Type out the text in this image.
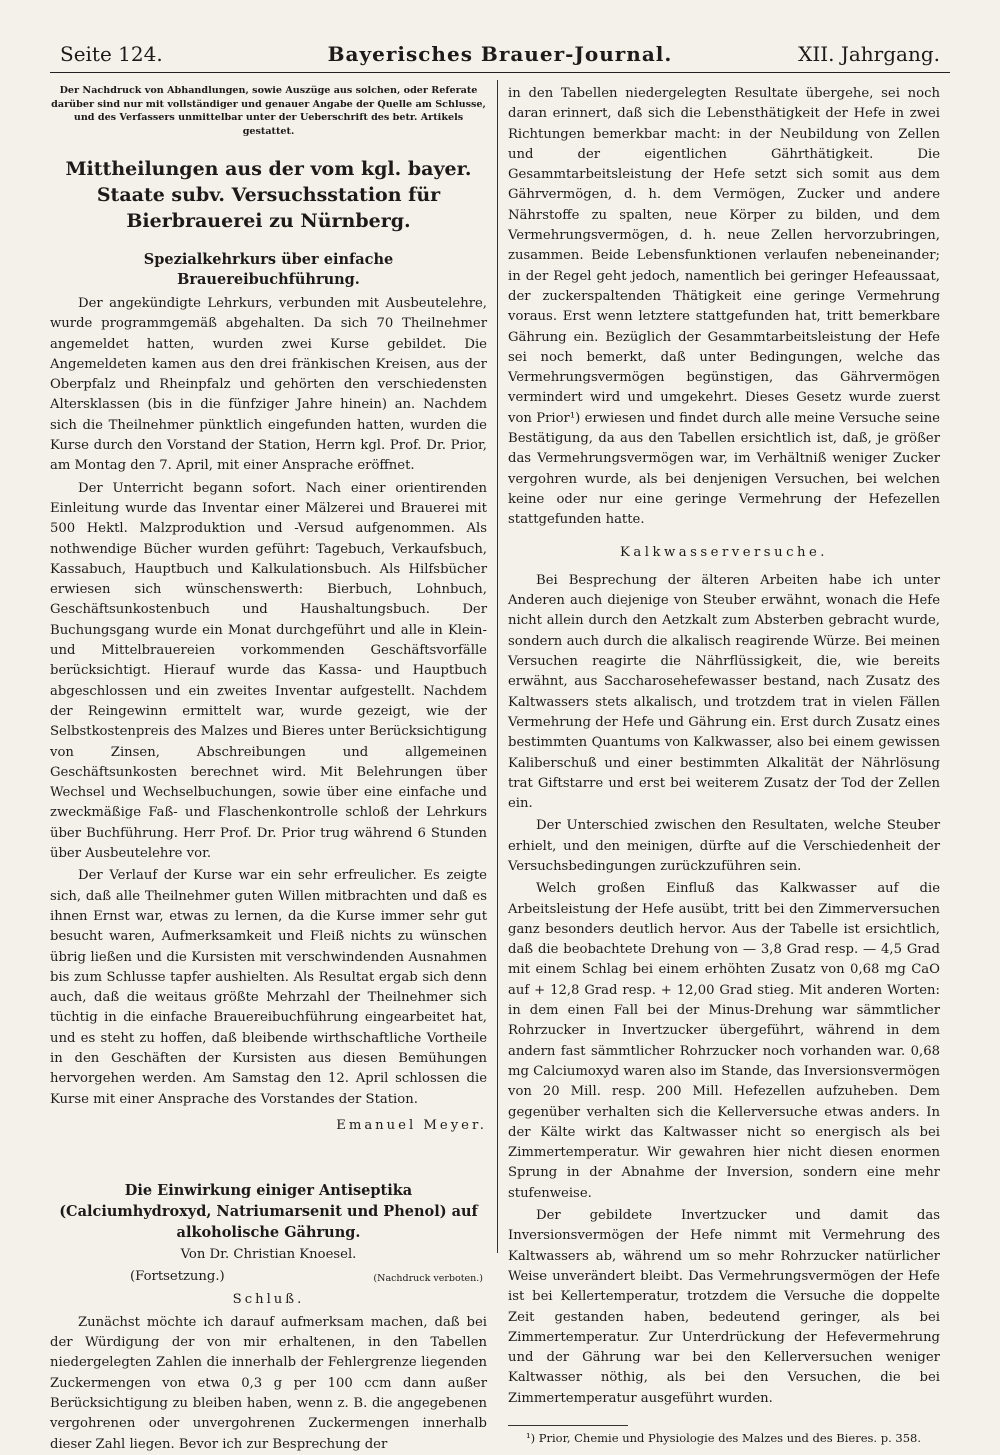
Seite 124.	Bayerisches Brauer-Journal.	XII. Jahrgang.
Der Nachdruck von Abhandlungen, sowie Auszüge aus solchen, oder Referate darüber sind nur mit vollständiger und genauer Angabe der Quelle am Schlusse, und des Verfassers unmittelbar unter der Ueberschrift des betr. Artikels gestattet.
Mittheilungen aus der vom kgl. bayer. Staate subv. Versuchsstation für Bierbrauerei zu Nürnberg.
Spezialkehrkurs über einfache Brauereibuchführung.

Der angekündigte Lehrkurs, verbunden mit Ausbeutelehre, wurde programmgemäß abgehalten. Da sich 70 Theilnehmer angemeldet hatten, wurden zwei Kurse gebildet. Die Angemeldeten kamen aus den drei fränkischen Kreisen, aus der Oberpfalz und Rheinpfalz und gehörten den verschiedensten Altersklassen (bis in die fünfziger Jahre hinein) an. Nachdem sich die Theilnehmer pünktlich eingefunden hatten, wurden die Kurse durch den Vorstand der Station, Herrn kgl. Prof. Dr. Prior, am Montag den 7. April, mit einer Ansprache eröffnet.

Der Unterricht begann sofort. Nach einer orientirenden Einleitung wurde das Inventar einer Mälzerei und Brauerei mit 500 Hektl. Malzproduktion und -Versud aufgenommen. Als nothwendige Bücher wurden geführt: Tagebuch, Verkaufsbuch, Kassabuch, Hauptbuch und Kalkulationsbuch. Als Hilfsbücher erwiesen sich wünschenswerth: Bierbuch, Lohnbuch, Geschäftsunkostenbuch und Haushaltungsbuch. Der Buchungsgang wurde ein Monat durchgeführt und alle in Klein- und Mittelbrauereien vorkommenden Geschäftsvorfälle berücksichtigt. Hierauf wurde das Kassa- und Hauptbuch abgeschlossen und ein zweites Inventar aufgestellt. Nachdem der Reingewinn ermittelt war, wurde gezeigt, wie der Selbstkostenpreis des Malzes und Bieres unter Berücksichtigung von Zinsen, Abschreibungen und allgemeinen Geschäftsunkosten berechnet wird. Mit Belehrungen über Wechsel und Wechselbuchungen, sowie über eine einfache und zweckmäßige Faß- und Flaschenkontrolle schloß der Lehrkurs über Buchführung. Herr Prof. Dr. Prior trug während 6 Stunden über Ausbeutelehre vor.

Der Verlauf der Kurse war ein sehr erfreulicher. Es zeigte sich, daß alle Theilnehmer guten Willen mitbrachten und daß es ihnen Ernst war, etwas zu lernen, da die Kurse immer sehr gut besucht waren, Aufmerksamkeit und Fleiß nichts zu wünschen übrig ließen und die Kursisten mit verschwindenden Ausnahmen bis zum Schlusse tapfer aushielten. Als Resultat ergab sich denn auch, daß die weitaus größte Mehrzahl der Theilnehmer sich tüchtig in die einfache Brauereibuchführung eingearbeitet hat, und es steht zu hoffen, daß bleibende wirthschaftliche Vortheile in den Geschäften der Kursisten aus diesen Bemühungen hervorgehen werden. Am Samstag den 12. April schlossen die Kurse mit einer Ansprache des Vorstandes der Station.

Emanuel Meyer.
Die Einwirkung einiger Antiseptika (Calciumhydroxyd, Natriumarsenit und Phenol) auf alkoholische Gährung.
Von Dr. Christian Knoesel.
(Fortsetzung.)	(Nachdruck verboten.)
Schluß.

Zunächst möchte ich darauf aufmerksam machen, daß bei der Würdigung der von mir erhaltenen, in den Tabellen niedergelegten Zahlen die innerhalb der Fehlergrenze liegenden Zuckermengen von etwa 0,3 g per 100 ccm dann außer Berücksichtigung zu bleiben haben, wenn z. B. die angegebenen vergohrenen oder unvergohrenen Zuckermengen innerhalb dieser Zahl liegen. Bevor ich zur Besprechung der

in den Tabellen niedergelegten Resultate übergehe, sei noch daran erinnert, daß sich die Lebensthätigkeit der Hefe in zwei Richtungen bemerkbar macht: in der Neubildung von Zellen und der eigentlichen Gährthätigkeit. Die Gesammtarbeitsleistung der Hefe setzt sich somit aus dem Gährvermögen, d. h. dem Vermögen, Zucker und andere Nährstoffe zu spalten, neue Körper zu bilden, und dem Vermehrungsvermögen, d. h. neue Zellen hervorzubringen, zusammen. Beide Lebensfunktionen verlaufen nebeneinander; in der Regel geht jedoch, namentlich bei geringer Hefeaussaat, der zuckerspaltenden Thätigkeit eine geringe Vermehrung voraus. Erst wenn letztere stattgefunden hat, tritt bemerkbare Gährung ein. Bezüglich der Gesammtarbeitsleistung der Hefe sei noch bemerkt, daß unter Bedingungen, welche das Vermehrungsvermögen begünstigen, das Gährvermögen vermindert wird und umgekehrt. Dieses Gesetz wurde zuerst von Prior¹) erwiesen und findet durch alle meine Versuche seine Bestätigung, da aus den Tabellen ersichtlich ist, daß, je größer das Vermehrungsvermögen war, im Verhältniß weniger Zucker vergohren wurde, als bei denjenigen Versuchen, bei welchen keine oder nur eine geringe Vermehrung der Hefezellen stattgefunden hatte.

Kalkwasserversuche.

Bei Besprechung der älteren Arbeiten habe ich unter Anderen auch diejenige von Steuber erwähnt, wonach die Hefe nicht allein durch den Aetzkalt zum Absterben gebracht wurde, sondern auch durch die alkalisch reagirende Würze. Bei meinen Versuchen reagirte die Nährflüssigkeit, die, wie bereits erwähnt, aus Saccharosehefewasser bestand, nach Zusatz des Kaltwassers stets alkalisch, und trotzdem trat in vielen Fällen Vermehrung der Hefe und Gährung ein. Erst durch Zusatz eines bestimmten Quantums von Kalkwasser, also bei einem gewissen Kaliberschuß und einer bestimmten Alkalität der Nährlösung trat Giftstarre und erst bei weiterem Zusatz der Tod der Zellen ein.

Der Unterschied zwischen den Resultaten, welche Steuber erhielt, und den meinigen, dürfte auf die Verschiedenheit der Versuchsbedingungen zurückzuführen sein.

Welch großen Einfluß das Kalkwasser auf die Arbeitsleistung der Hefe ausübt, tritt bei den Zimmerversuchen ganz besonders deutlich hervor. Aus der Tabelle ist ersichtlich, daß die beobachtete Drehung von — 3,8 Grad resp. — 4,5 Grad mit einem Schlag bei einem erhöhten Zusatz von 0,68 mg CaO auf + 12,8 Grad resp. + 12,00 Grad stieg. Mit anderen Worten: in dem einen Fall bei der Minus-Drehung war sämmtlicher Rohrzucker in Invertzucker übergeführt, während in dem andern fast sämmtlicher Rohrzucker noch vorhanden war. 0,68 mg Calciumoxyd waren also im Stande, das Inversionsvermögen von 20 Mill. resp. 200 Mill. Hefezellen aufzuheben. Dem gegenüber verhalten sich die Kellerversuche etwas anders. In der Kälte wirkt das Kaltwasser nicht so energisch als bei Zimmertemperatur. Wir gewahren hier nicht diesen enormen Sprung in der Abnahme der Inversion, sondern eine mehr stufenweise.

Der gebildete Invertzucker und damit das Inversionsvermögen der Hefe nimmt mit Vermehrung des Kaltwassers ab, während um so mehr Rohrzucker natürlicher Weise unverändert bleibt. Das Vermehrungsvermögen der Hefe ist bei Kellertemperatur, trotzdem die Versuche die doppelte Zeit gestanden haben, bedeutend geringer, als bei Zimmertemperatur. Zur Unterdrückung der Hefevermehrung und der Gährung war bei den Kellerversuchen weniger Kaltwasser nöthig, als bei den Versuchen, die bei Zimmertemperatur ausgeführt wurden.

¹) Prior, Chemie und Physiologie des Malzes und des Bieres. p. 358.
